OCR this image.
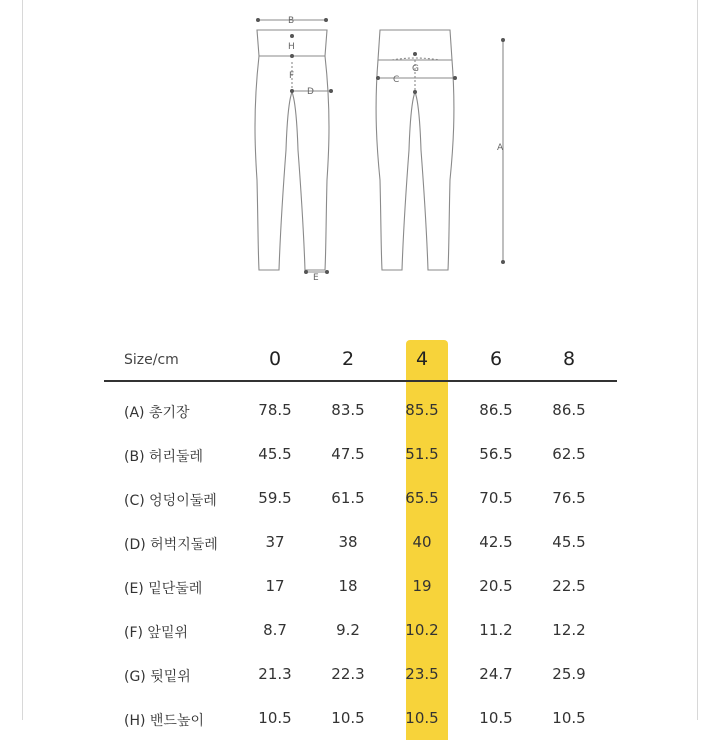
B
H
F
D
E
G
C
A
Size/cm	0	2	4	6	8
(A) 총기장	78.5	83.5	85.5	86.5	86.5
(B) 허리둘레	45.5	47.5	51.5	56.5	62.5
(C) 엉덩이둘레	59.5	61.5	65.5	70.5	76.5
(D) 허벅지둘레	37	38	40	42.5	45.5
(E) 밑단둘레	17	18	19	20.5	22.5
(F) 앞밑위	8.7	9.2	10.2	11.2	12.2
(G) 뒷밑위	21.3	22.3	23.5	24.7	25.9
(H) 밴드높이	10.5	10.5	10.5	10.5	10.5
